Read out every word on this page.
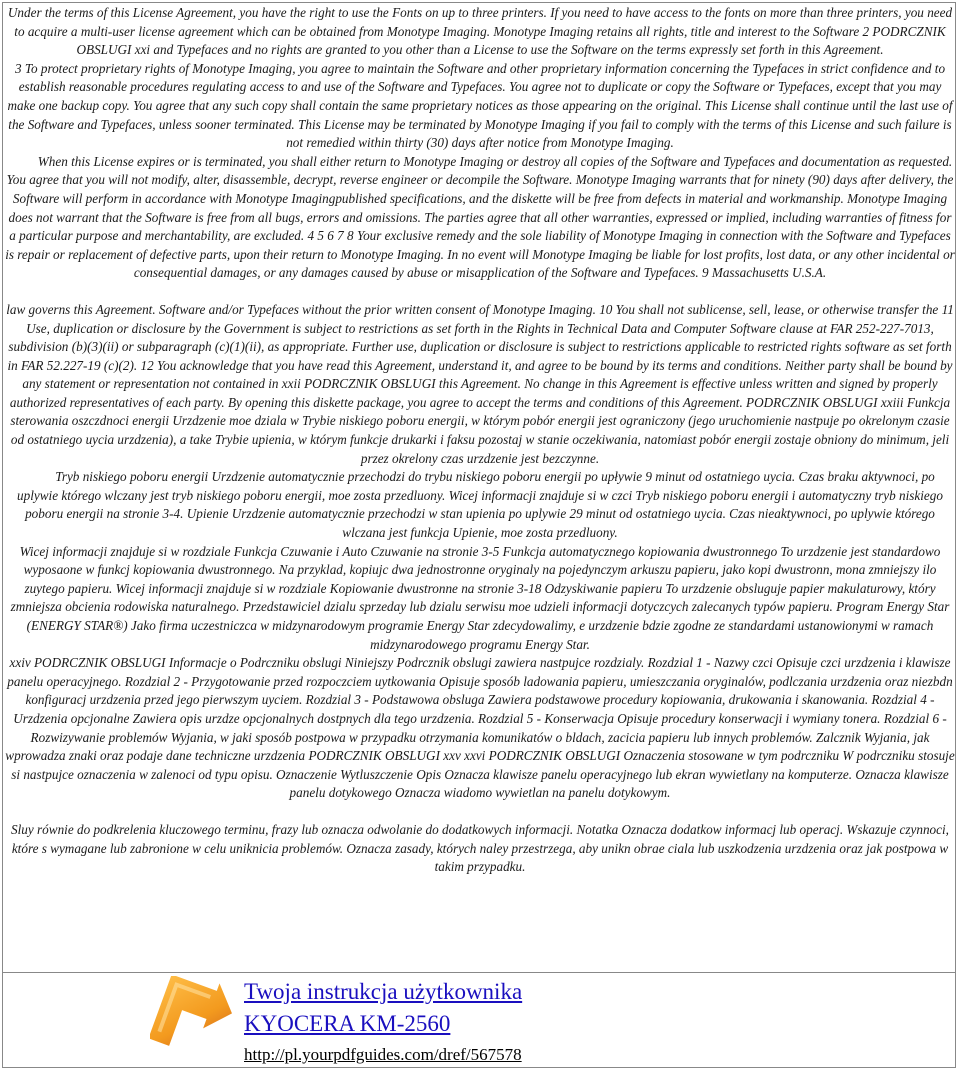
Under the terms of this License Agreement, you have the right to use the Fonts on up to three printers. If you need to have access to the fonts on more than three printers, you need to acquire a multi-user license agreement which can be obtained from Monotype Imaging. Monotype Imaging retains all rights, title and interest to the Software 2 PODRCZNIK OBSLUGI xxi and Typefaces and no rights are granted to you other than a License to use the Software on the terms expressly set forth in this Agreement.

3 To protect proprietary rights of Monotype Imaging, you agree to maintain the Software and other proprietary information concerning the Typefaces in strict confidence and to establish reasonable procedures regulating access to and use of the Software and Typefaces. You agree not to duplicate or copy the Software or Typefaces, except that you may make one backup copy. You agree that any such copy shall contain the same proprietary notices as those appearing on the original. This License shall continue until the last use of the Software and Typefaces, unless sooner terminated. This License may be terminated by Monotype Imaging if you fail to comply with the terms of this License and such failure is not remedied within thirty (30) days after notice from Monotype Imaging.

When this License expires or is terminated, you shall either return to Monotype Imaging or destroy all copies of the Software and Typefaces and documentation as requested. You agree that you will not modify, alter, disassemble, decrypt, reverse engineer or decompile the Software. Monotype Imaging warrants that for ninety (90) days after delivery, the Software will perform in accordance with Monotype Imagingpublished specifications, and the diskette will be free from defects in material and workmanship. Monotype Imaging does not warrant that the Software is free from all bugs, errors and omissions. The parties agree that all other warranties, expressed or implied, including warranties of fitness for a particular purpose and merchantability, are excluded. 4 5 6 7 8 Your exclusive remedy and the sole liability of Monotype Imaging in connection with the Software and Typefaces is repair or replacement of defective parts, upon their return to Monotype Imaging. In no event will Monotype Imaging be liable for lost profits, lost data, or any other incidental or consequential damages, or any damages caused by abuse or misapplication of the Software and Typefaces. 9 Massachusetts U.S.A.

law governs this Agreement. Software and/or Typefaces without the prior written consent of Monotype Imaging. 10 You shall not sublicense, sell, lease, or otherwise transfer the 11 Use, duplication or disclosure by the Government is subject to restrictions as set forth in the Rights in Technical Data and Computer Software clause at FAR 252-227-7013, subdivision (b)(3)(ii) or subparagraph (c)(1)(ii), as appropriate. Further use, duplication or disclosure is subject to restrictions applicable to restricted rights software as set forth in FAR 52.227-19 (c)(2). 12 You acknowledge that you have read this Agreement, understand it, and agree to be bound by its terms and conditions. Neither party shall be bound by any statement or representation not contained in xxii PODRCZNIK OBSLUGI this Agreement. No change in this Agreement is effective unless written and signed by properly authorized representatives of each party. By opening this diskette package, you agree to accept the terms and conditions of this Agreement. PODRCZNIK OBSLUGI xxiii Funkcja sterowania oszczdnoci energii Urzdzenie moe dziala w Trybie niskiego poboru energii, w którym pobór energii jest ograniczony (jego uruchomienie nastpuje po okrelonym czasie od ostatniego uycia urzdzenia), a take Trybie upienia, w którym funkcje drukarki i faksu pozostaj w stanie oczekiwania, natomiast pobór energii zostaje obniony do minimum, jeli przez okrelony czas urzdzenie jest bezczynne.

Tryb niskiego poboru energii Urzdzenie automatycznie przechodzi do trybu niskiego poboru energii po upływie 9 minut od ostatniego uycia. Czas braku aktywnoci, po uplywie którego wlczany jest tryb niskiego poboru energii, moe zosta przedluony. Wicej informacji znajduje si w czci Tryb niskiego poboru energii i automatyczny tryb niskiego poboru energii na stronie 3-4. Upienie Urzdzenie automatycznie przechodzi w stan upienia po uplywie 29 minut od ostatniego uycia. Czas nieaktywnoci, po uplywie którego wlczana jest funkcja Upienie, moe zosta przedluony.

Wicej informacji znajduje si w rozdziale Funkcja Czuwanie i Auto Czuwanie na stronie 3-5 Funkcja automatycznego kopiowania dwustronnego To urzdzenie jest standardowo wyposaone w funkcj kopiowania dwustronnego. Na przyklad, kopiujc dwa jednostronne oryginaly na pojedynczym arkuszu papieru, jako kopi dwustronn, mona zmniejszy ilo zuytego papieru. Wicej informacji znajduje si w rozdziale Kopiowanie dwustronne na stronie 3-18 Odzyskiwanie papieru To urzdzenie obsluguje papier makulaturowy, który zmniejsza obcienia rodowiska naturalnego. Przedstawiciel dzialu sprzeday lub dzialu serwisu moe udzieli informacji dotyczcych zalecanych typów papieru. Program Energy Star (ENERGY STAR®) Jako firma uczestniczca w midzynarodowym programie Energy Star zdecydowalimy, e urzdzenie bdzie zgodne ze standardami ustanowionymi w ramach midzynarodowego programu Energy Star.

xxiv PODRCZNIK OBSLUGI Informacje o Podrczniku obslugi Niniejszy Podrcznik obslugi zawiera nastpujce rozdzialy. Rozdzial 1 - Nazwy czci Opisuje czci urzdzenia i klawisze panelu operacyjnego. Rozdzial 2 - Przygotowanie przed rozpoczciem uytkowania Opisuje sposób ladowania papieru, umieszczania oryginalów, podlczania urzdzenia oraz niezbdn konfiguracj urzdzenia przed jego pierwszym uyciem. Rozdzial 3 - Podstawowa obsluga Zawiera podstawowe procedury kopiowania, drukowania i skanowania. Rozdzial 4 - Urzdzenia opcjonalne Zawiera opis urzdze opcjonalnych dostpnych dla tego urzdzenia. Rozdzial 5 - Konserwacja Opisuje procedury konserwacji i wymiany tonera. Rozdzial 6 - Rozwizywanie problemów Wyjania, w jaki sposób postpowa w przypadku otrzymania komunikatów o bldach, zacicia papieru lub innych problemów. Zalcznik Wyjania, jak wprowadza znaki oraz podaje dane techniczne urzdzenia PODRCZNIK OBSLUGI xxv xxvi PODRCZNIK OBSLUGI Oznaczenia stosowane w tym podrczniku W podrczniku stosuje si nastpujce oznaczenia w zalenoci od typu opisu. Oznaczenie Wytluszczenie Opis Oznacza klawisze panelu operacyjnego lub ekran wywietlany na komputerze. Oznacza klawisze panelu dotykowego Oznacza wiadomo wywietlan na panelu dotykowym.

Sluy równie do podkrelenia kluczowego terminu, frazy lub oznacza odwolanie do dodatkowych informacji. Notatka Oznacza dodatkow informacj lub operacj. Wskazuje czynnoci, które s wymagane lub zabronione w celu uniknicia problemów. Oznacza zasady, których naley przestrzega, aby unikn obrae ciala lub uszkodzenia urzdzenia oraz jak postpowa w takim przypadku.

Twoja instrukcja użytkownika
KYOCERA KM-2560
http://pl.yourpdfguides.com/dref/567578
